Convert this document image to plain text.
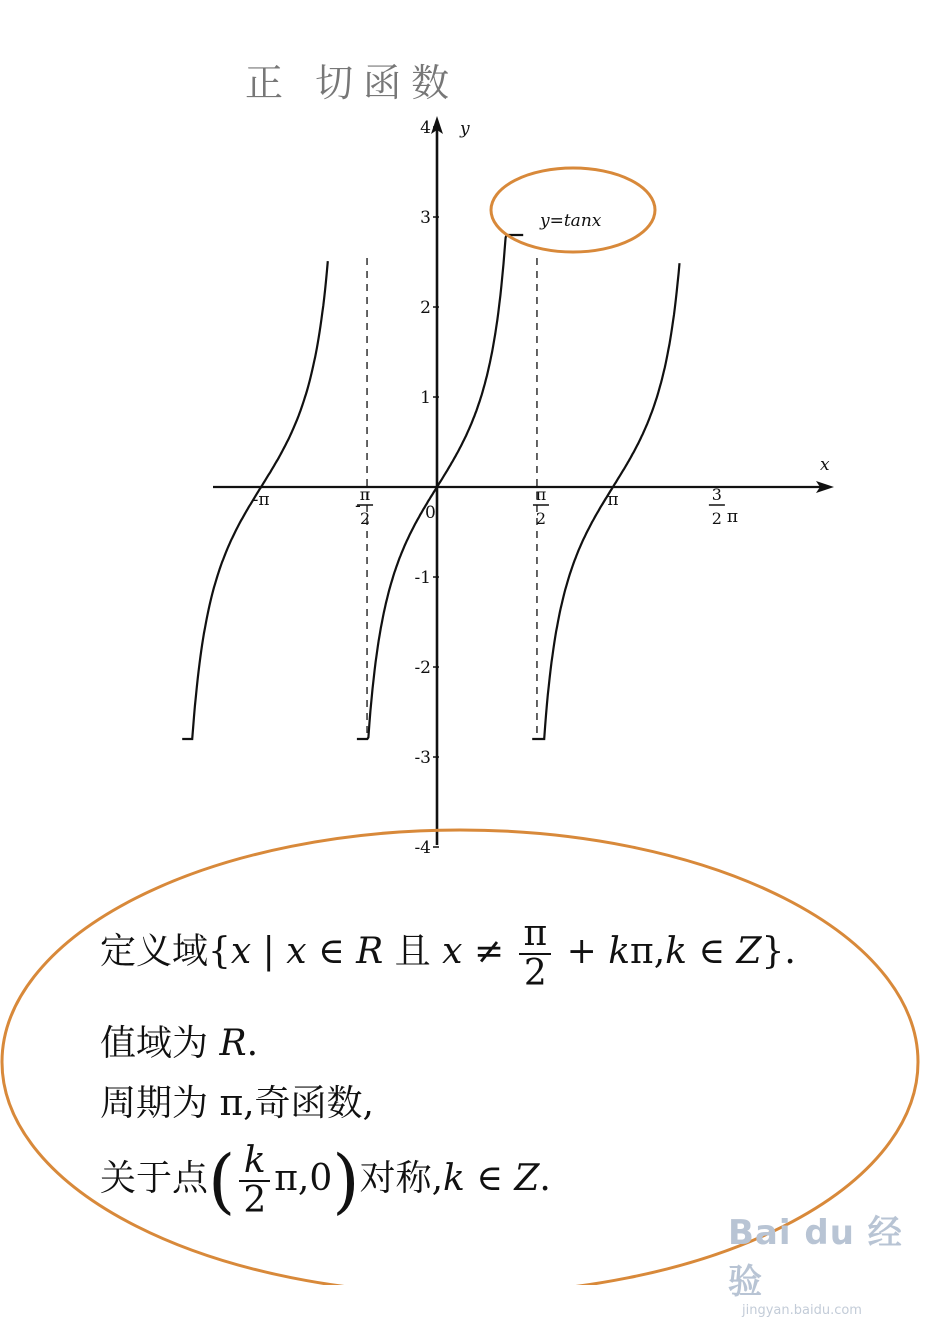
x
y
-4
-3
-2
-1
0
1
2
3
4
-π	-
π
2
π
2
π	3
2 π
y=tanx
正 切函数
定义域{x | x ∈ R 且 $x \ne \frac{\pi}{2} + k\pi,k$ ∈ Z}.
值域为 R.
周期为 π,奇函数,
关于点( $\frac{k}{2} \pi,0$)对称,k ∈ Z.
Bai du 经验
jingyan.baidu.com
